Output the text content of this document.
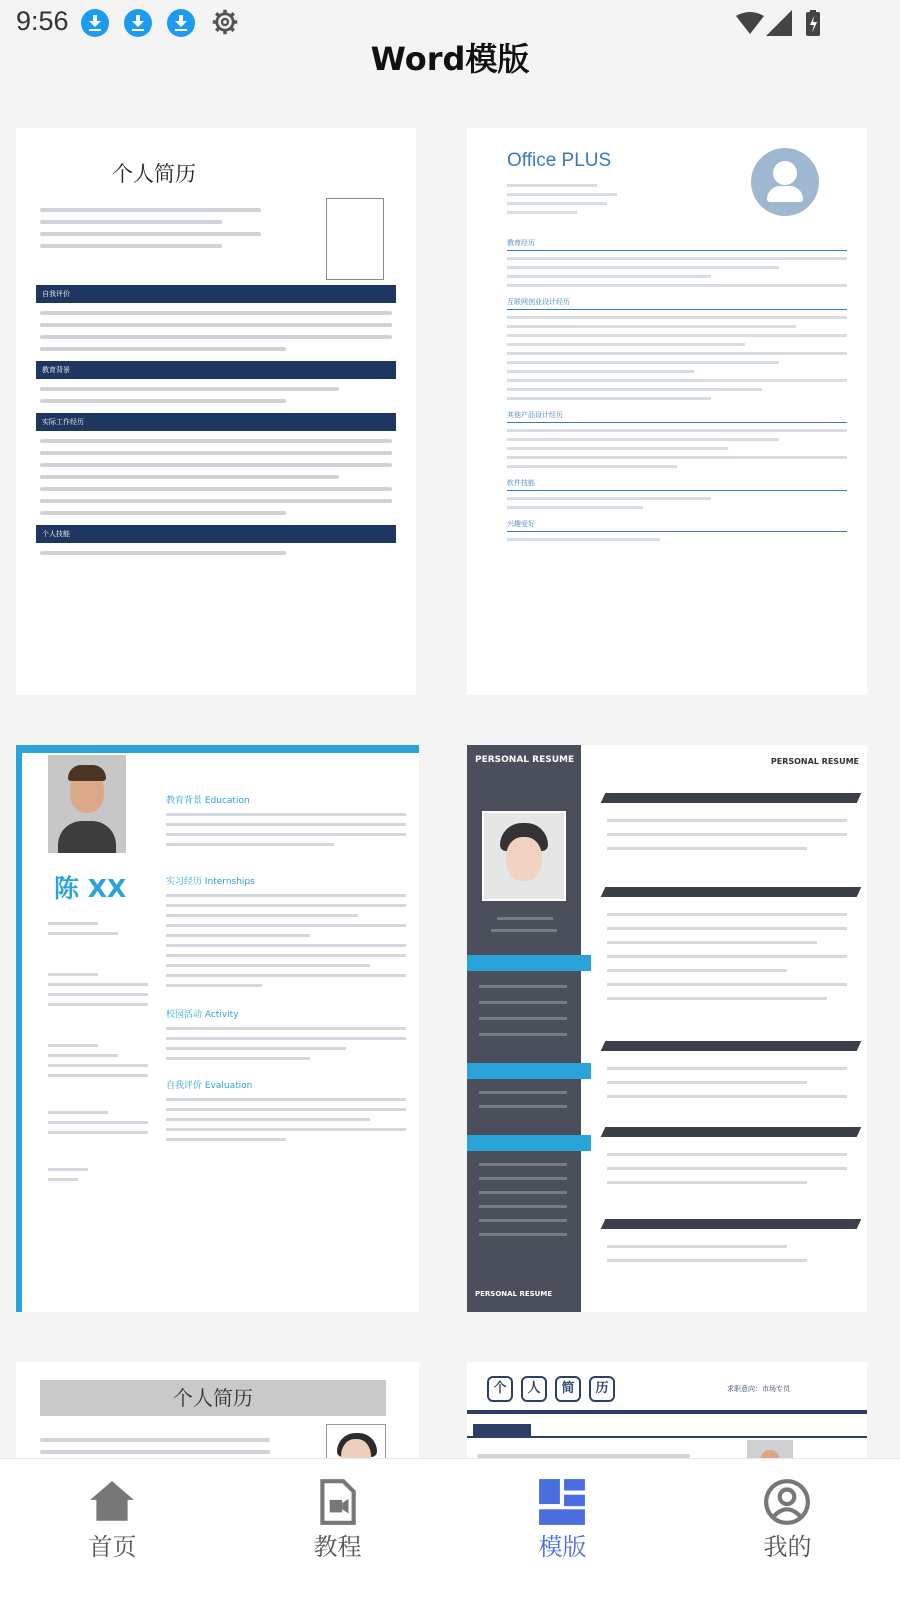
9:56
Word模版
个人简历
自我评价
教育背景
实际工作经历
个人技能
Office PLUS
教育经历
互联网创业设计经历
其他产品设计经历
软件技能
兴趣爱好
陈 XX
教育背景 Education
实习经历 Internships
校园活动 Activity
自我评价 Evaluation
PERSONAL RESUME
PERSONAL RESUME
PERSONAL RESUME
个人简历	个	人	简	历	求职意向：市场专员
首页	教程	模版	我的
